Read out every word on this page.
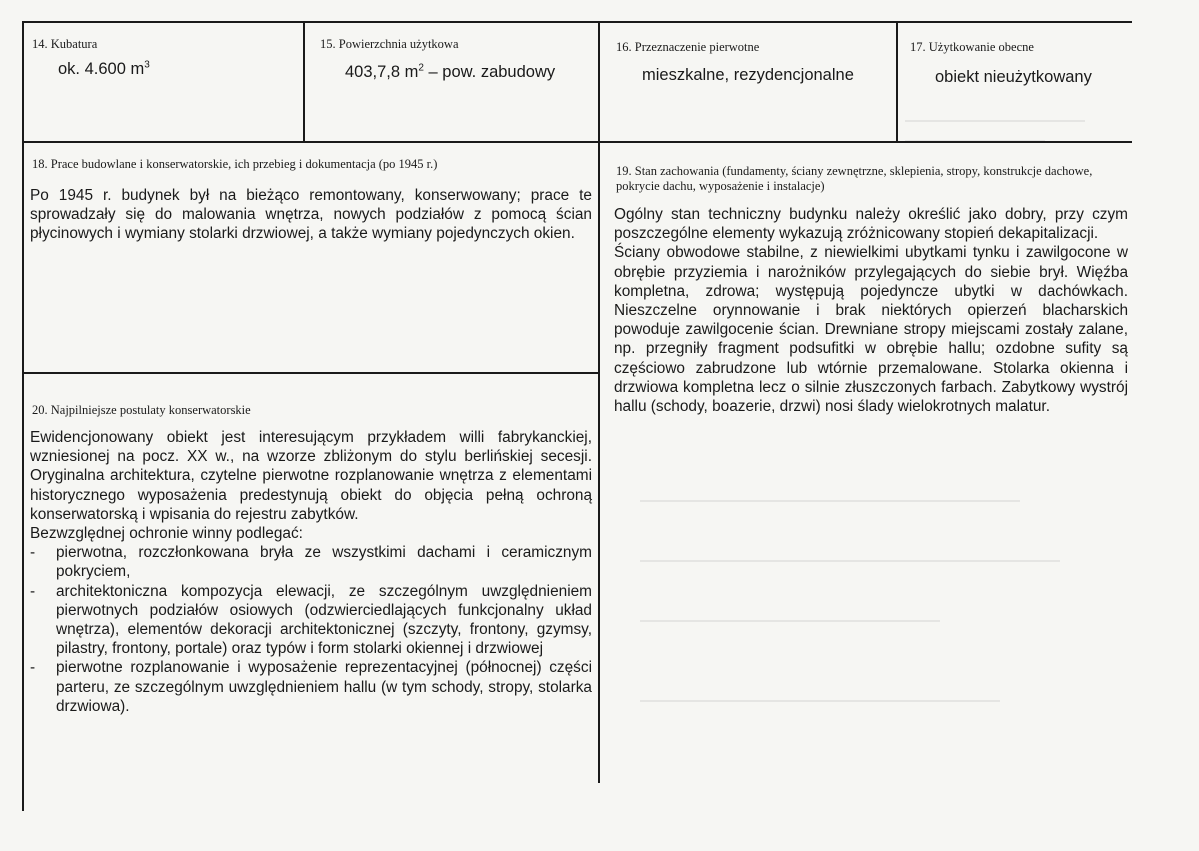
14. Kubatura
ok. 4.600 $m^3$
15. Powierzchnia użytkowa
403,7,8 $m^2$ – pow. zabudowy
16. Przeznaczenie pierwotne
mieszkalne, rezydencjonalne
17. Użytkowanie obecne
obiekt nieużytkowany
18. Prace budowlane i konserwatorskie, ich przebieg i dokumentacja (po 1945 r.)

Po 1945 r. budynek był na bieżąco remontowany, konserwowany; prace te sprowadzały się do malowania wnętrza, nowych podziałów z pomocą ścian płycinowych i wymiany stolarki drzwiowej, a także wymiany pojedynczych okien.

20. Najpilniejsze postulaty konserwatorskie

Ewidencjonowany obiekt jest interesującym przykładem willi fabrykanckiej, wzniesionej na pocz. XX w., na wzorze zbliżonym do stylu berlińskiej secesji. Oryginalna architektura, czytelne pierwotne rozplanowanie wnętrza z elementami historycznego wyposażenia predestynują obiekt do objęcia pełną ochroną konserwatorską i wpisania do rejestru zabytków.

Bezwzględnej ochronie winny podlegać:

- pierwotna, rozczłonkowana bryła ze wszystkimi dachami i ceramicznym pokryciem,
- architektoniczna kompozycja elewacji, ze szczególnym uwzględnieniem pierwotnych podziałów osiowych (odzwierciedlających funkcjonalny układ wnętrza), elementów dekoracji architektonicznej (szczyty, frontony, gzymsy, pilastry, frontony, portale) oraz typów i form stolarki okiennej i drzwiowej
- pierwotne rozplanowanie i wyposażenie reprezentacyjnej (północnej) części parteru, ze szczególnym uwzględnieniem hallu (w tym schody, stropy, stolarka drzwiowa).
19. Stan zachowania (fundamenty, ściany zewnętrzne, sklepienia, stropy, konstrukcje dachowe, pokrycie dachu, wyposażenie i instalacje)

Ogólny stan techniczny budynku należy określić jako dobry, przy czym poszczególne elementy wykazują zróżnicowany stopień dekapitalizacji.

Ściany obwodowe stabilne, z niewielkimi ubytkami tynku i zawilgocone w obrębie przyziemia i narożników przylegających do siebie brył. Więźba kompletna, zdrowa; występują pojedyncze ubytki w dachówkach. Nieszczelne orynnowanie i brak niektórych opierzeń blacharskich powoduje zawilgocenie ścian. Drewniane stropy miejscami zostały zalane, np. przegniły fragment podsufitki w obrębie hallu; ozdobne sufity są częściowo zabrudzone lub wtórnie przemalowane. Stolarka okienna i drzwiowa kompletna lecz o silnie złuszczonych farbach. Zabytkowy wystrój hallu (schody, boazerie, drzwi) nosi ślady wielokrotnych malatur.
